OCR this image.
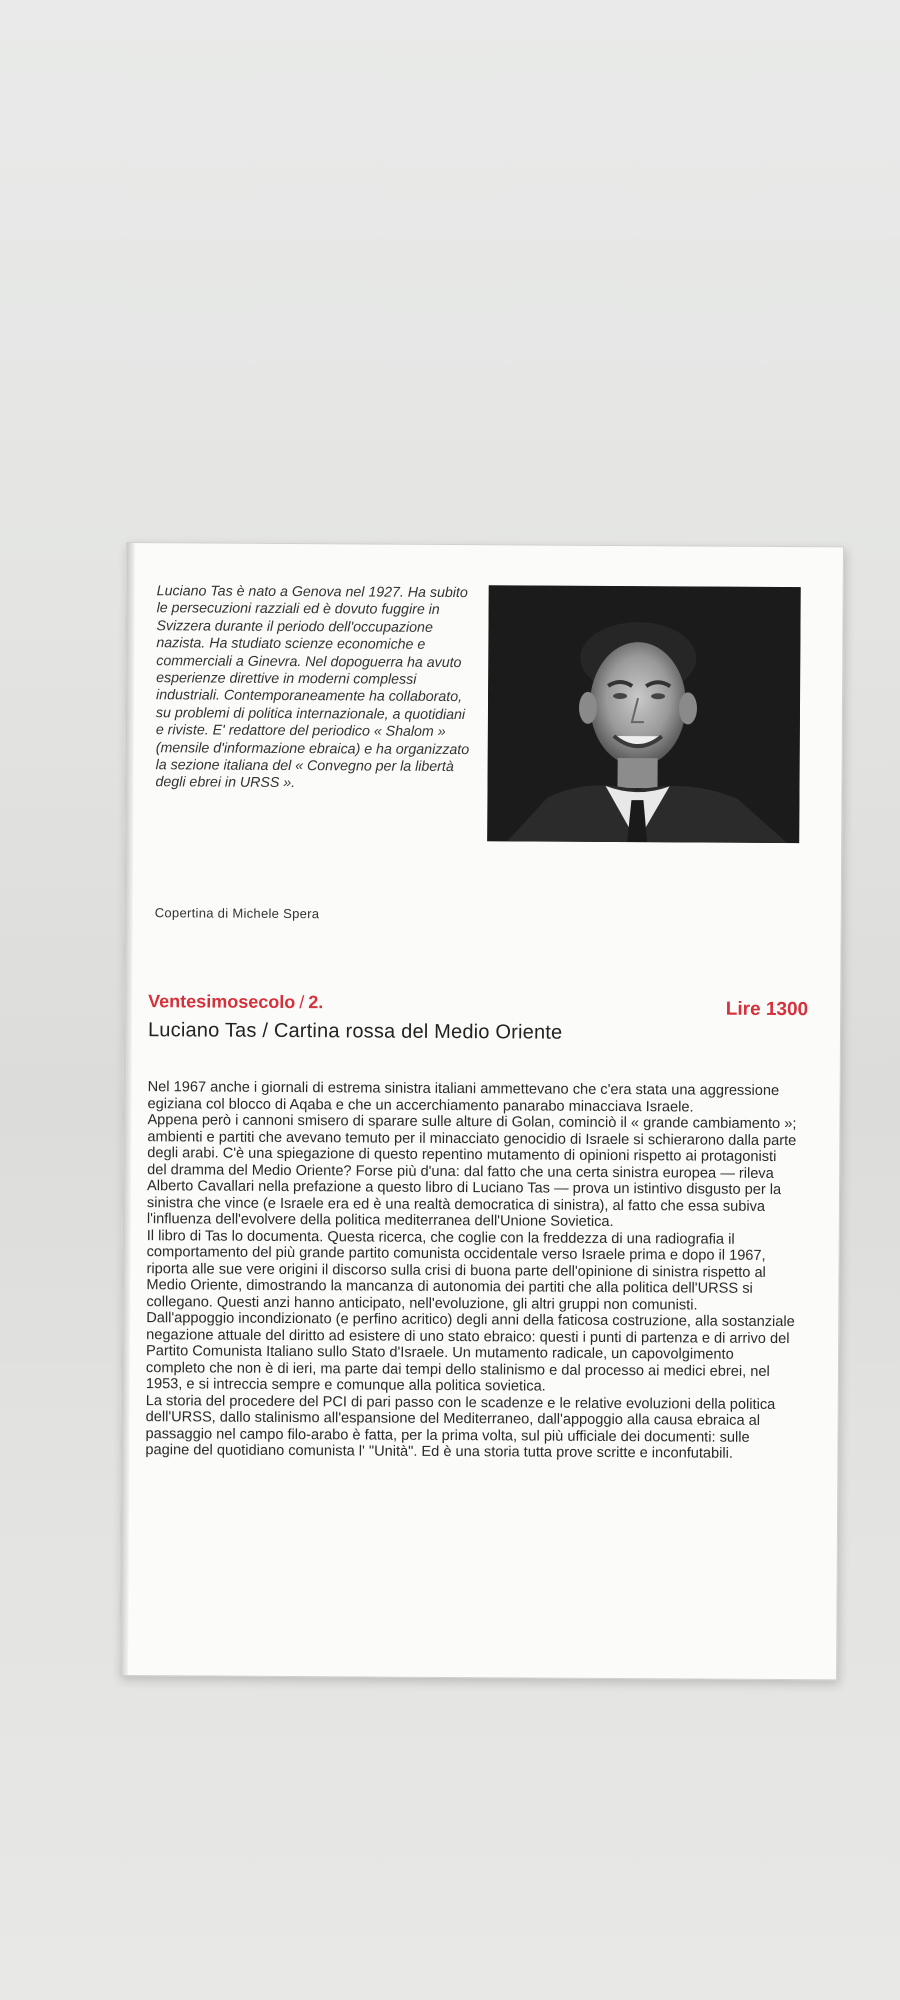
Luciano Tas è nato a Genova nel 1927. Ha subito le persecuzioni razziali ed è dovuto fuggire in Svizzera durante il periodo dell'occupazione nazista. Ha studiato scienze economiche e commerciali a Ginevra. Nel dopoguerra ha avuto esperienze direttive in moderni complessi industriali. Contemporaneamente ha collaborato, su problemi di politica internazionale, a quotidiani e riviste. E' redattore del periodico « Shalom » (mensile d'informazione ebraica) e ha organizzato la sezione italiana del « Convegno per la libertà degli ebrei in URSS ».

Copertina di Michele Spera
Ventesimosecolo / 2.	Lire 1300
Luciano Tas / Cartina rossa del Medio Oriente

Nel 1967 anche i giornali di estrema sinistra italiani ammettevano che c'era stata una aggressione egiziana col blocco di Aqaba e che un accerchiamento panarabo minacciava Israele.

Appena però i cannoni smisero di sparare sulle alture di Golan, cominciò il « grande cambiamento »; ambienti e partiti che avevano temuto per il minacciato genocidio di Israele si schierarono dalla parte degli arabi. C'è una spiegazione di questo repentino mutamento di opinioni rispetto ai protagonisti del dramma del Medio Oriente? Forse più d'una: dal fatto che una certa sinistra europea — rileva Alberto Cavallari nella prefazione a questo libro di Luciano Tas — prova un istintivo disgusto per la sinistra che vince (e Israele era ed è una realtà democratica di sinistra), al fatto che essa subiva l'influenza dell'evolvere della politica mediterranea dell'Unione Sovietica.

Il libro di Tas lo documenta. Questa ricerca, che coglie con la freddezza di una radiografia il comportamento del più grande partito comunista occidentale verso Israele prima e dopo il 1967, riporta alle sue vere origini il discorso sulla crisi di buona parte dell'opinione di sinistra rispetto al Medio Oriente, dimostrando la mancanza di autonomia dei partiti che alla politica dell'URSS si collegano. Questi anzi hanno anticipato, nell'evoluzione, gli altri gruppi non comunisti.

Dall'appoggio incondizionato (e perfino acritico) degli anni della faticosa costruzione, alla sostanziale negazione attuale del diritto ad esistere di uno stato ebraico: questi i punti di partenza e di arrivo del Partito Comunista Italiano sullo Stato d'Israele. Un mutamento radicale, un capovolgimento completo che non è di ieri, ma parte dai tempi dello stalinismo e dal processo ai medici ebrei, nel 1953, e si intreccia sempre e comunque alla politica sovietica.

La storia del procedere del PCI di pari passo con le scadenze e le relative evoluzioni della politica dell'URSS, dallo stalinismo all'espansione del Mediterraneo, dall'appoggio alla causa ebraica al passaggio nel campo filo-arabo è fatta, per la prima volta, sul più ufficiale dei documenti: sulle pagine del quotidiano comunista l' "Unità". Ed è una storia tutta prove scritte e inconfutabili.
